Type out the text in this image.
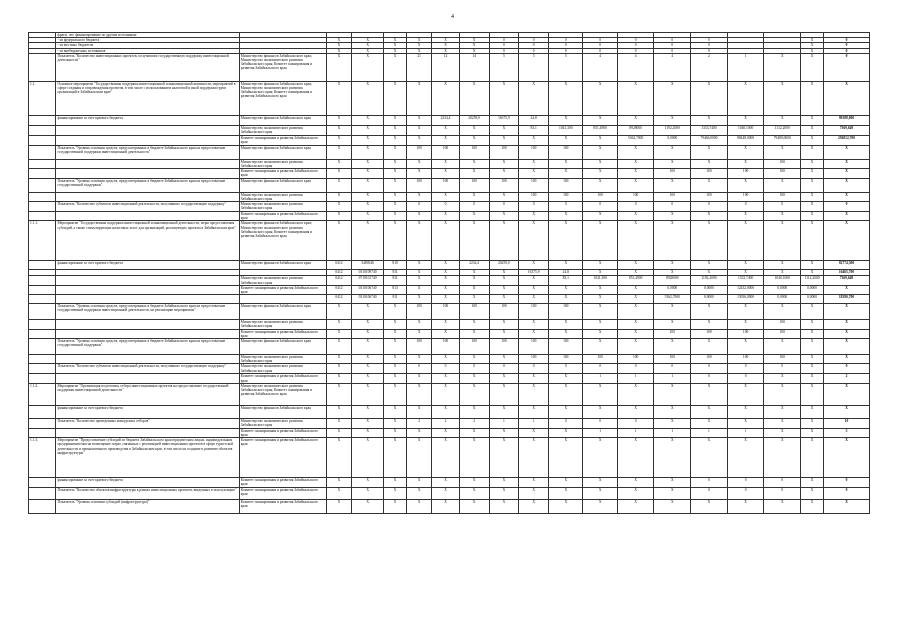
4
	фрагм. лет, финансирование по другим источникам:																		
	- из федерального бюджета		X	X	X	X	X	X	0	0	0	0	0	0	0			X	0
	- из местных бюджетов		X	X	X	X	X	X	0	0	0	0	0	0	0			X	0
	- из внебюджетных источников		X	X	X	X	X	X	0	0	0	0	0	0	0			X	0
	Показатель "Количество инвестиционных проектов, получивших государственную поддержку инвестиционной деятельности"	Министерство финансов Забайкальского края; Министерство экономического развития Забайкальского края; Комитет планирования и развития Забайкальского края	X	X	X	21	12	14	5	5	5	4	4	4	2	1	X	X	0
1.1.	Основное мероприятие "Государственная поддержка инвестиционной и инновационной активности, мероприятий в сфере создания и сопровождения проектов, в том числе с использованием налоговой и иной поддержки групп организаций в Забайкальском крае"	Министерство финансов Забайкальского края; Министерство экономического развития Забайкальского края; Комитет планирования и развития Забайкальского края	X	X	X	X	X	X	X	X	X	X	X	X	X	X	X	X	X
	финансирование за счет краевого бюджета	Министерство финансов Забайкальского края	X	X	X	X	2234,4	20259,0	16375,9	24,8	X	X	X	X	X	X	X	X	99188,000
		Министерство экономического развития Забайкальского края	X	X	X	X	X	X	X	83,1	1041,300	851,4900	8928000	1192,2000	1333,7400	1040,1000	1112,2000	X	7369,649
		Комитет планирования и развития Забайкальского края	X	X	X	X	X	X	X	X	X	X	5362,7000	0,0000	79466,0000	88448,0000	79480,0000	X	256812,700
	Показатель "Уровень освоения средств, предусмотренных в бюджете Забайкальского края на предоставление государственной поддержки инвестиционной деятельности"	Министерство финансов Забайкальского края	X	X	X	100	100	100	100	100	100	X	X	X	X	X	X	X	X
		Министерство экономического развития Забайкальского края	X	X	X	X	X	X	X	X	X	X	X	X	X	X	100	X	X
		Комитет планирования и развития Забайкальского края	X	X	X	X	X	X	X	X	X	X	X	100	100	100	100	X	X
	Показатель "Уровень освоения средств, предусмотренных в бюджете Забайкальского края на предоставление государственной поддержки"	Министерство финансов Забайкальского края	X	X	X	100	100	100	100	100	100	X	X	X	X	X	X	X	X
		Министерство экономического развития Забайкальского края	X	X	X	X	X	X	X	100	100	100	100	100	100	100	100	X	X
	Показатель "Количество субъектов инвестиционной деятельности, получивших государственную поддержку"	Министерство экономического развития Забайкальского края	X	X	X	0	0	0	0	0	0	0	0	0	0	0	0	X	0
		Комитет планирования и развития Забайкальского края	X	X	X	X	X	X	X	X	X	X	X	X	X	X	X	X	X
1.1.1.	Мероприятие "Государственная поддержка инвестиционной и инновационной деятельности, меры предоставления субсидий, а также стимулирующих налоговых льгот для организаций, реализующих проекты в Забайкальском крае"	Министерство финансов Забайкальского края; Министерство экономического развития Забайкальского края; Комитет планирования и развития Забайкальского края	X	X	X	X	X	X	X	X	X	X	X	X	X	X	X	X	X
	финансирование за счет краевого бюджета	Министерство финансов Забайкальского края	0412	3480346	810	X	X	2234,4	20259,0	X	X	X	X	X	X	X	X	X	82774,300
			0412	0310109740	811	X	X	X	X	16375,9	24,8	X	X	X	X	X	X	X	16465,700
		Министерство экономического развития Забайкальского края	0412	0710101740	811	X	X	X	X	X	83,1	1041,300	851,4900	8928000	1192,2000	1333,7400	1040,1000	1112,2000	7369,649
		Комитет планирования и развития Забайкальского края	0412	0310106740	813	X	X	X	X	X	X	X	X	0,0000	0,0000	12432,0000	0,0000	0,0000	X
			0412	0310106740	811	X	X	X	X	X	X	X	X	5362,7000	0,0000	13036,0000	0,0000	0,0000	18290,700
	Показатель "Уровень освоения средств, предусмотренных в бюджете Забайкальского края на предоставление государственной поддержки инвестиционной деятельности, на реализацию мероприятия"	Министерство финансов Забайкальского края	X	X	X	100	100	100	100	100	100	X	X	X	X	X	X	X	X
		Министерство экономического развития Забайкальского края	X	X	X	X	X	X	X	X	X	X	X	X	X	X	100	X	X
		Комитет планирования и развития Забайкальского края	X	X	X	X	X	X	X	X	X	X	X	100	100	100	100	X	X
	Показатель "Уровень освоения средств, предусмотренных в бюджете Забайкальского края на предоставление государственной поддержки"	Министерство финансов Забайкальского края	X	X	X	100	100	100	100	100	100	X	X	X	X	X	X	X	X
		Министерство экономического развития Забайкальского края	X	X	X	X	X	X	X	100	100	100	100	100	100	100	100	X	X
	Показатель "Количество субъектов инвестиционной деятельности, получивших государственную поддержку"	Министерство экономического развития Забайкальского края	X	X	X	0	0	0	0	0	0	0	0	0	0	0	0	X	0
		Комитет планирования и развития Забайкальского края	X	X	X	X	X	X	X	X	X	1	1	1	0	0	X	X	2
1.1.2.	Мероприятие "Организация подготовки, отбора инвестиционных проектов на предоставление государственной поддержки инвестиционной деятельности"	Министерство экономического развития Забайкальского края; Комитет планирования и развития Забайкальского края	X	X	X	X	X	X	X	X	X	X	X	X	X	X	X	X	X
	финансирование за счет краевого бюджета	Министерство финансов Забайкальского края	X	X	X	X	X	X	X	X	X	X	X	X	X	X	X	X	X
	Показатель "Количество проведенных конкурсных отборов"	Министерство экономического развития Забайкальского края	X	X	X	2	2	2	1	1	0	0	0	X	X	X	X	X	10
		Комитет планирования и развития Забайкальского края	X	X	X	X	X	X	X	X	X	1	1	1	1	1	X	X	5
1.1.3.	Мероприятие "Предоставление субсидий из бюджета Забайкальского края юридическим лицам, индивидуальным предпринимателям на возмещение затрат, связанных с реализацией инвестиционных проектов в сфере туристской деятельности и промышленного производства в Забайкальском крае, в том числе на создание и развитие объектов инфраструктуры"	Комитет планирования и развития Забайкальского края	X	X	X	X	X	X	X	X	X	X	X	X	X	X	X	X	X
	финансирование за счет краевого бюджета	Комитет планирования и развития Забайкальского края	X	X	X	X	X	X	X	X	X	X	X	X	0	0	0	X	0
	Показатель "Количество объектов инфраструктуры в рамках инвестиционных проектов, введенных в эксплуатацию"	Комитет планирования и развития Забайкальского края	X	X	X	X	X	X	X	X	X	X	X	X	0	0	0	X	0
	Показатель "Уровень освоения субсидий (инфраструктура)"	Комитет планирования и развития Забайкальского края	X	X	X	X	X	X	X	X	X	X	X	X	X	X	X	X	X
